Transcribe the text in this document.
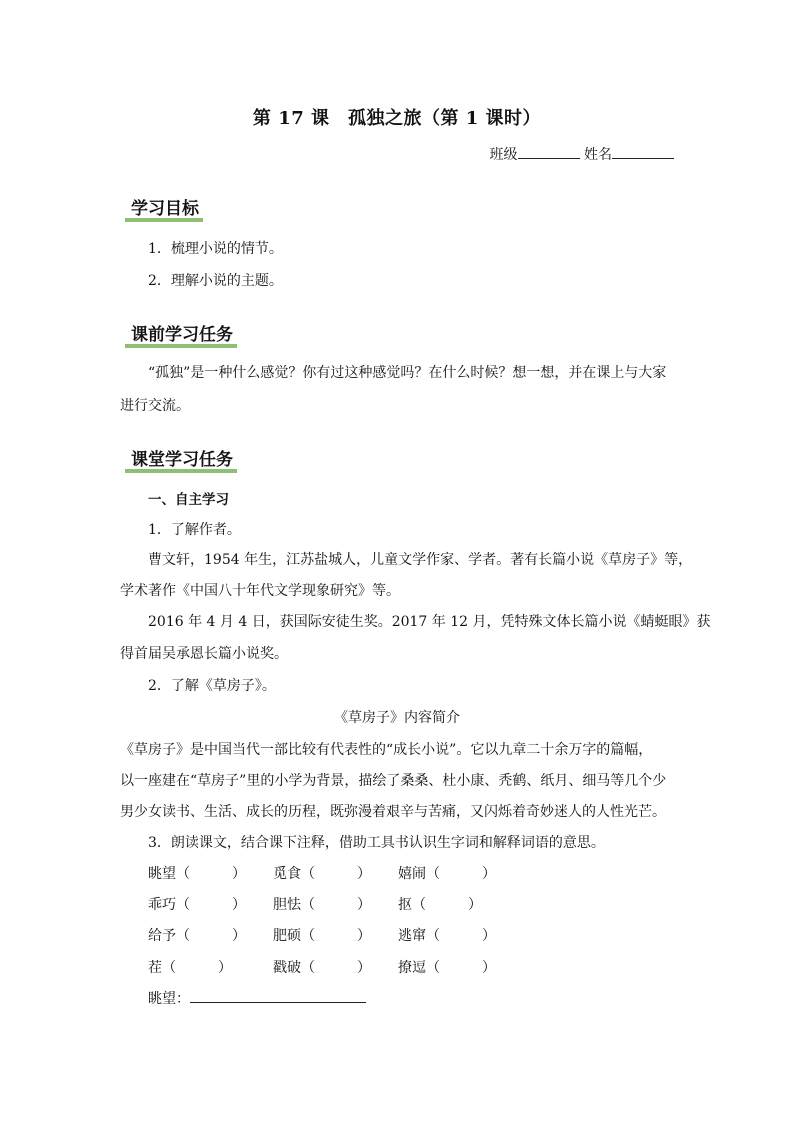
第 17 课　孤独之旅（第 1 课时）
班级	姓名
学习目标
1．梳理小说的情节。
2．理解小说的主题。
课前学习任务
“孤独”是一种什么感觉？你有过这种感觉吗？在什么时候？想一想，并在课上与大家
进行交流。
课堂学习任务
一、自主学习
1．了解作者。
曹文轩，1954 年生，江苏盐城人，儿童文学作家、学者。著有长篇小说《草房子》等，
学术著作《中国八十年代文学现象研究》等。
2016 年 4 月 4 日，获国际安徒生奖。2017 年 12 月，凭特殊文体长篇小说《蜻蜓眼》获
得首届吴承恩长篇小说奖。
2．了解《草房子》。
《草房子》内容简介
《草房子》是中国当代一部比较有代表性的“成长小说”。它以九章二十余万字的篇幅，
以一座建在“草房子”里的小学为背景，描绘了桑桑、杜小康、秃鹤、纸月、细马等几个少
男少女读书、生活、成长的历程，既弥漫着艰辛与苦痛，又闪烁着奇妙迷人的人性光芒。
3．朗读课文，结合课下注释，借助工具书认识生字词和解释词语的意思。
眺望（　　　） 觅食（　　　） 嬉闹（　　　）
乖巧（　　　） 胆怯（　　　） 抠（　　　）
给予（　　　） 肥硕（　　　） 逃窜（　　　）
茬（　　　）	戳破（　　　） 撩逗（　　　）
眺望：
